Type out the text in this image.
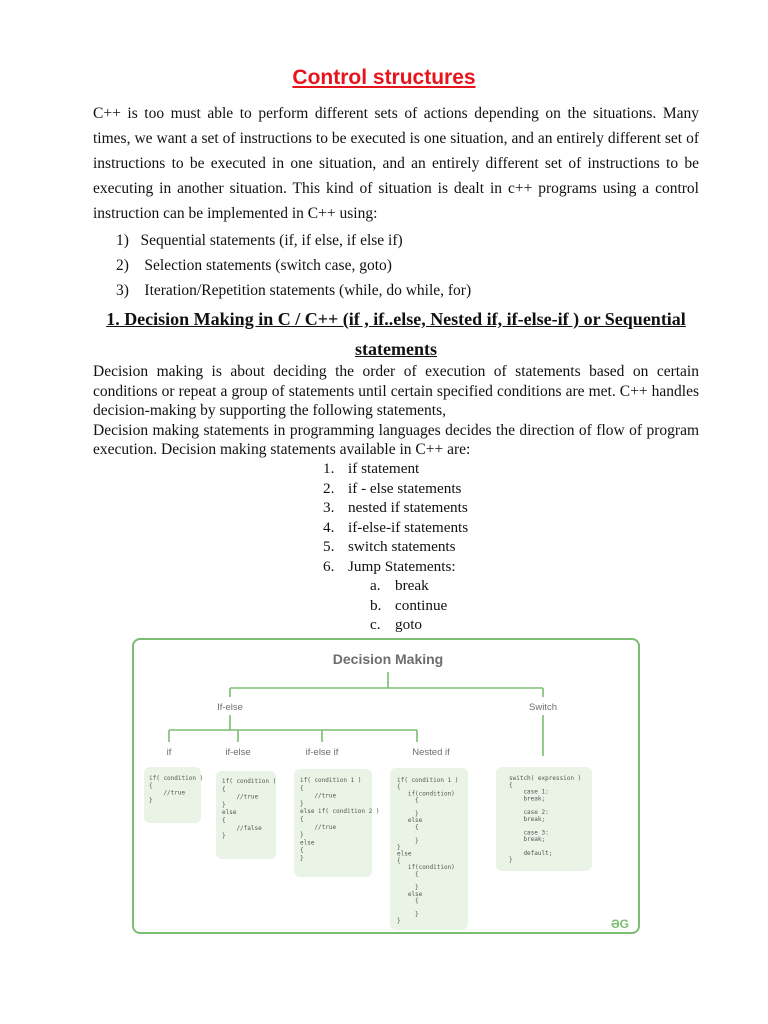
Control structures

C++ is too must able to perform different sets of actions depending on the situations. Many times, we want a set of instructions to be executed is one situation, and an entirely different set of instructions to be executed in one situation, and an entirely different set of instructions to be executing in another situation. This kind of situation is dealt in c++ programs using a control instruction can be implemented in C++ using:

1) Sequential statements (if, if else, if else if)
2) Selection statements (switch case, goto)
3) Iteration/Repetition statements (while, do while, for)
1. Decision Making in C / C++ (if , if..else, Nested if, if-else-if ) or Sequential statements

Decision making is about deciding the order of execution of statements based on certain conditions or repeat a group of statements until certain specified conditions are met. C++ handles decision-making by supporting the following statements,

Decision making statements in programming languages decides the direction of flow of program execution. Decision making statements available in C++ are:

1. if statement
2. if - else statements
3. nested if statements
4. if-else-if statements
5. switch statements
6. Jump Statements:
a. break
b. continue
c. goto
Decision Making
If-else	Switch
if	if-else	if-else if	Nested if
if( condition )
{
//true
}
if( condition )
{
//true
}
else
{
//false
}
if( condition 1 )
{
//true
}
else if( condition 2 )
{
//true
}
else
{
}
if( condition 1 )
{
if(condition)
{
}
else
{
}
}
else
{
if(condition)
{
}
else
{
}
}
switch( expression )
{
case 1:
break;
case 2:
break;
case 3:
break;
default;
}
ƏG
